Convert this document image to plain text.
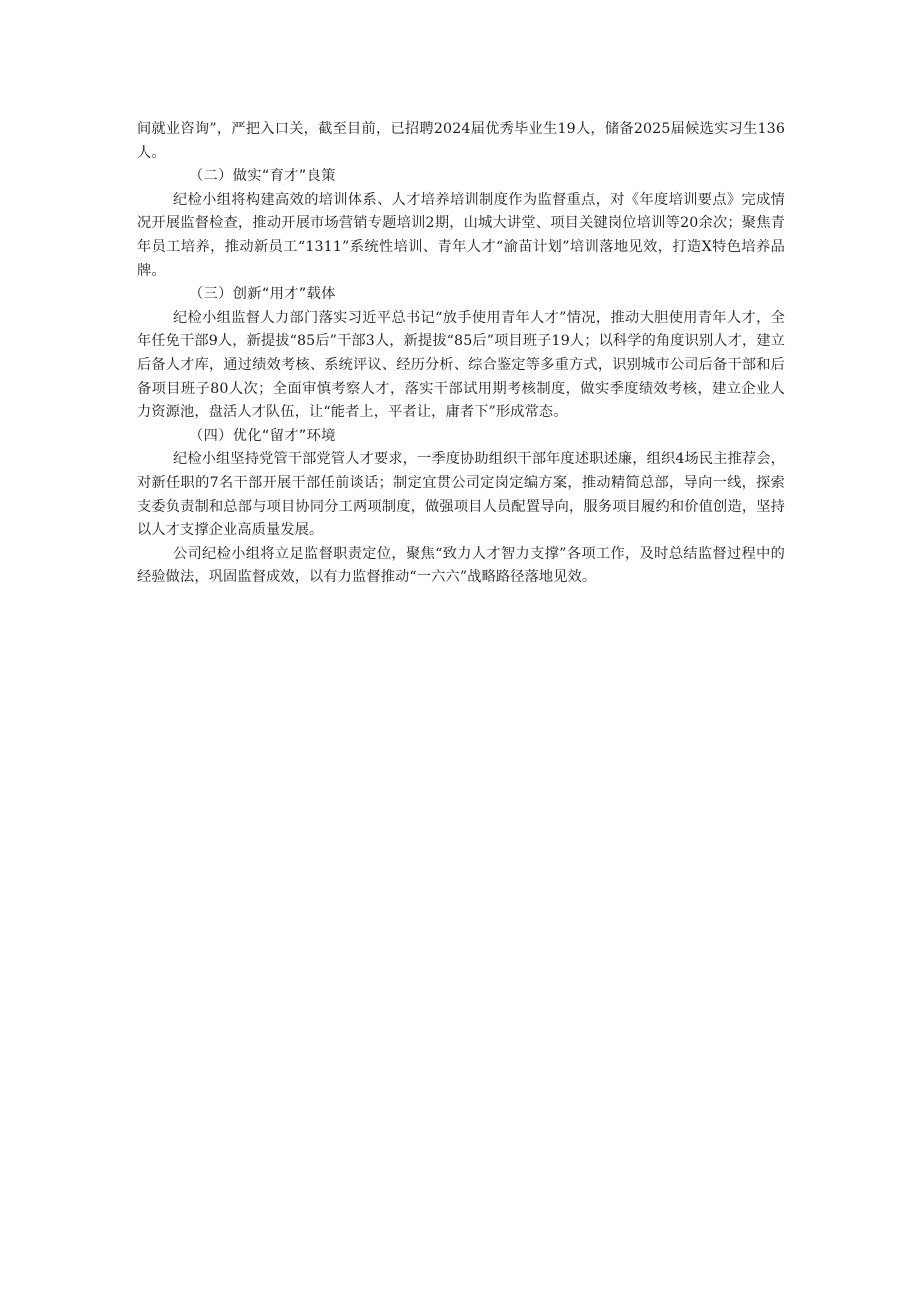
间就业咨询”，严把入口关，截至目前，已招聘2024届优秀毕业生19人，储备2025届候选实习生136人。

（二）做实“育才”良策

纪检小组将构建高效的培训体系、人才培养培训制度作为监督重点，对《年度培训要点》完成情况开展监督检查，推动开展市场营销专题培训2期，山城大讲堂、项目关键岗位培训等20余次；聚焦青年员工培养，推动新员工“1311”系统性培训、青年人才“渝苗计划”培训落地见效，打造X特色培养品牌。

（三）创新“用才”载体

纪检小组监督人力部门落实习近平总书记“放手使用青年人才”情况，推动大胆使用青年人才，全年任免干部9人，新提拔“85后”干部3人，新提拔“85后”项目班子19人；以科学的角度识别人才，建立后备人才库，通过绩效考核、系统评议、经历分析、综合鉴定等多重方式，识别城市公司后备干部和后备项目班子80人次；全面审慎考察人才，落实干部试用期考核制度，做实季度绩效考核，建立企业人力资源池，盘活人才队伍，让“能者上，平者让，庸者下”形成常态。

（四）优化“留才”环境

纪检小组坚持党管干部党管人才要求，一季度协助组织干部年度述职述廉，组织4场民主推荐会，对新任职的7名干部开展干部任前谈话；制定宜贯公司定岗定编方案，推动精简总部，导向一线，探索支委负责制和总部与项目协同分工两项制度，做强项目人员配置导向，服务项目履约和价值创造，坚持以人才支撑企业高质量发展。

公司纪检小组将立足监督职责定位，聚焦“致力人才智力支撑”各项工作，及时总结监督过程中的经验做法，巩固监督成效，以有力监督推动“一六六”战略路径落地见效。
